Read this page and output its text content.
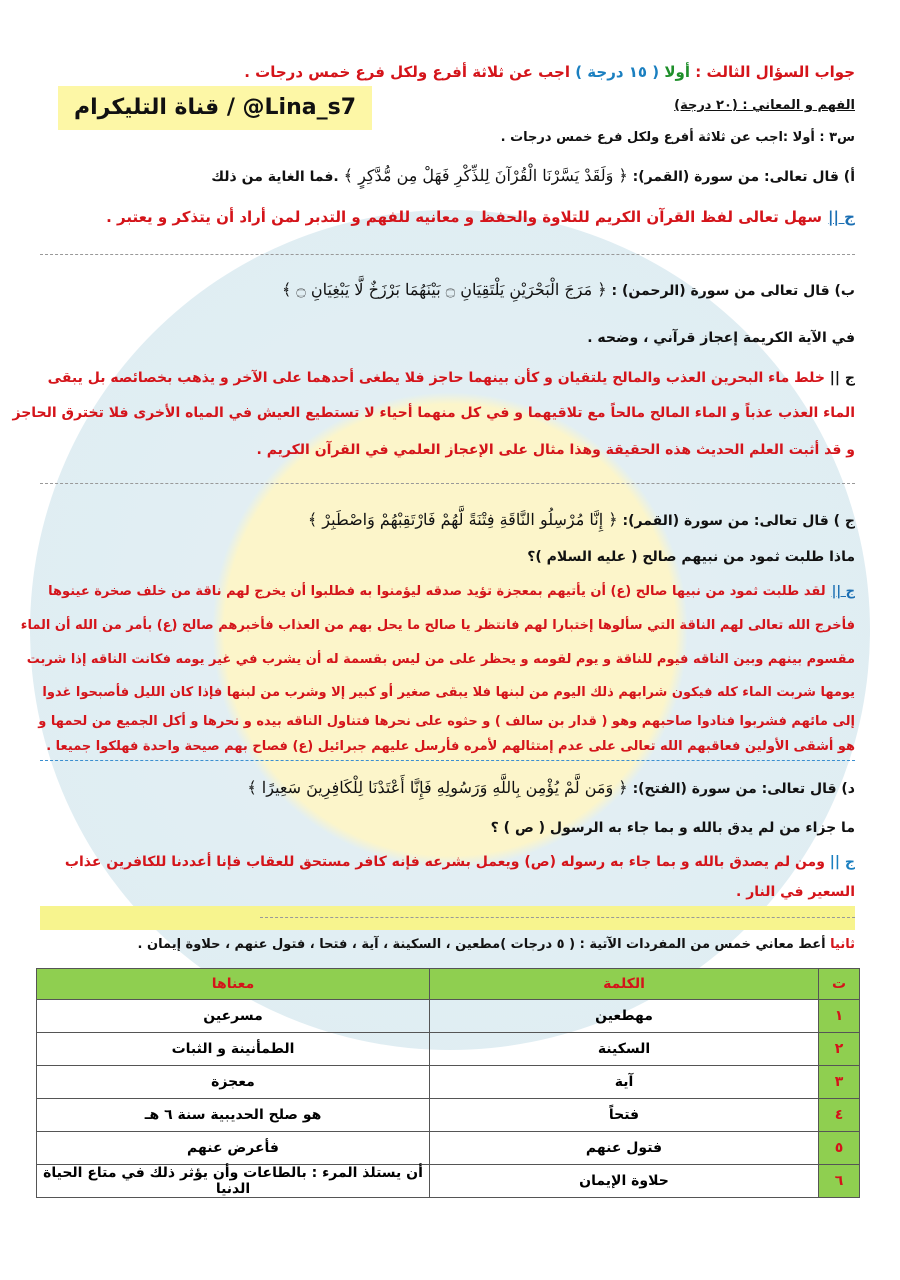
جواب السؤال الثالث : أولا ( ١٥ درجة ) اجب عن ثلاثة أفرع ولكل فرع خمس درجات .
قناة التليكرام / @Lina_s7	الفهم و المعاني : (٢٠ درجة)
س٣ : أولا :اجب عن ثلاثة أفرع ولكل فرع خمس درجات .
أ) قال تعالى: من سورة (القمر): ﴿ وَلَقَدْ يَسَّرْنَا الْقُرْآنَ لِلذِّكْرِ فَهَلْ مِن مُّدَّكِرٍ ﴾ .فما الغاية من ذلك
ج ||سهل تعالى لفظ القرآن الكريم للتلاوة والحفظ و معانيه للفهم و التدبر لمن أراد أن يتذكر و يعتبر .
ب) قال تعالى من سورة (الرحمن) : ﴿ مَرَجَ الْبَحْرَيْنِ يَلْتَقِيَانِ ۝ بَيْنَهُمَا بَرْزَخٌ لَّا يَبْغِيَانِ ۝ ﴾
في الآية الكريمة إعجاز قرآني ، وضحه .
ج || خلط ماء البحرين العذب والمالح يلتقيان و كأن بينهما حاجز فلا يطغى أحدهما على الآخر و يذهب بخصائصه بل يبقى
الماء العذب عذباً و الماء المالح مالحاً مع تلاقيهما و في كل منهما أحياء لا تستطيع العيش في المياه الأخرى فلا تخترق الحاجز
و قد أثبت العلم الحديث هذه الحقيقة وهذا مثال على الإعجاز العلمي في القرآن الكريم .
ج ) قال تعالى: من سورة (القمر): ﴿ إِنَّا مُرْسِلُو النَّاقَةِ فِتْنَةً لَّهُمْ فَارْتَقِبْهُمْ وَاصْطَبِرْ ﴾
ماذا طلبت ثمود من نبيهم صالح ( عليه السلام )؟
ج ||لقد طلبت ثمود من نبيها صالح (ع) أن يأتيهم بمعجزة تؤيد صدقه ليؤمنوا به فطلبوا أن يخرج لهم ناقة من خلف صخرة عينوها
فأخرج الله تعالى لهم الناقة التي سألوها إختبارا لهم فانتظر يا صالح ما يحل بهم من العذاب فأخبرهم صالح (ع) بأمر من الله أن الماء
مقسوم بينهم وبين الناقه فيوم للناقة و يوم لقومه و يحظر على من ليس بقسمة له أن يشرب في غير يومه فكانت الناقه إذا شربت
يومها شربت الماء كله فيكون شرابهم ذلك اليوم من لبنها فلا يبقى صغير أو كبير إلا وشرب من لبنها فإذا كان الليل فأصبحوا غدوا
إلى مائهم فشربوا فنادوا صاحبهم وهو ( قدار بن سالف ) و حثوه على نحرها فتناول الناقه بيده و نحرها و أكل الجميع من لحمها و
هو أشقى الأولين فعاقبهم الله تعالى على عدم إمتثالهم لأمره فأرسل عليهم جبرائيل (ع) فصاح بهم صيحة واحدة فهلكوا جميعا .
د) قال تعالى: من سورة (الفتح): ﴿ وَمَن لَّمْ يُؤْمِن بِاللَّهِ وَرَسُولِهِ فَإِنَّا أَعْتَدْنَا لِلْكَافِرِينَ سَعِيرًا ﴾
ما جزاء من لم يدق بالله و بما جاء به الرسول ( ص ) ؟
ج || ومن لم يصدق بالله و بما جاء به رسوله (ص) ويعمل بشرعه فإنه كافر مستحق للعقاب فإنا أعددنا للكافرين عذاب
السعير في النار .
ثانيا أعط معاني خمس من المفردات الآتية : ( ٥ درجات )مطعين ، السكينة ، آية ، فتحا ، فتول عنهم ، حلاوة إيمان .
ت	الكلمة	معناها
١	مهطعين	مسرعين
٢	السكينة	الطمأنينة و الثبات
٣	آية	معجزة
٤	فتحاً	هو صلح الحديبية سنة ٦ هـ
٥	فتول عنهم	فأعرض عنهم
٦	حلاوة الإيمان	أن يستلذ المرء : بالطاعات وأن يؤثر ذلك في متاع الحياة الدنيا
